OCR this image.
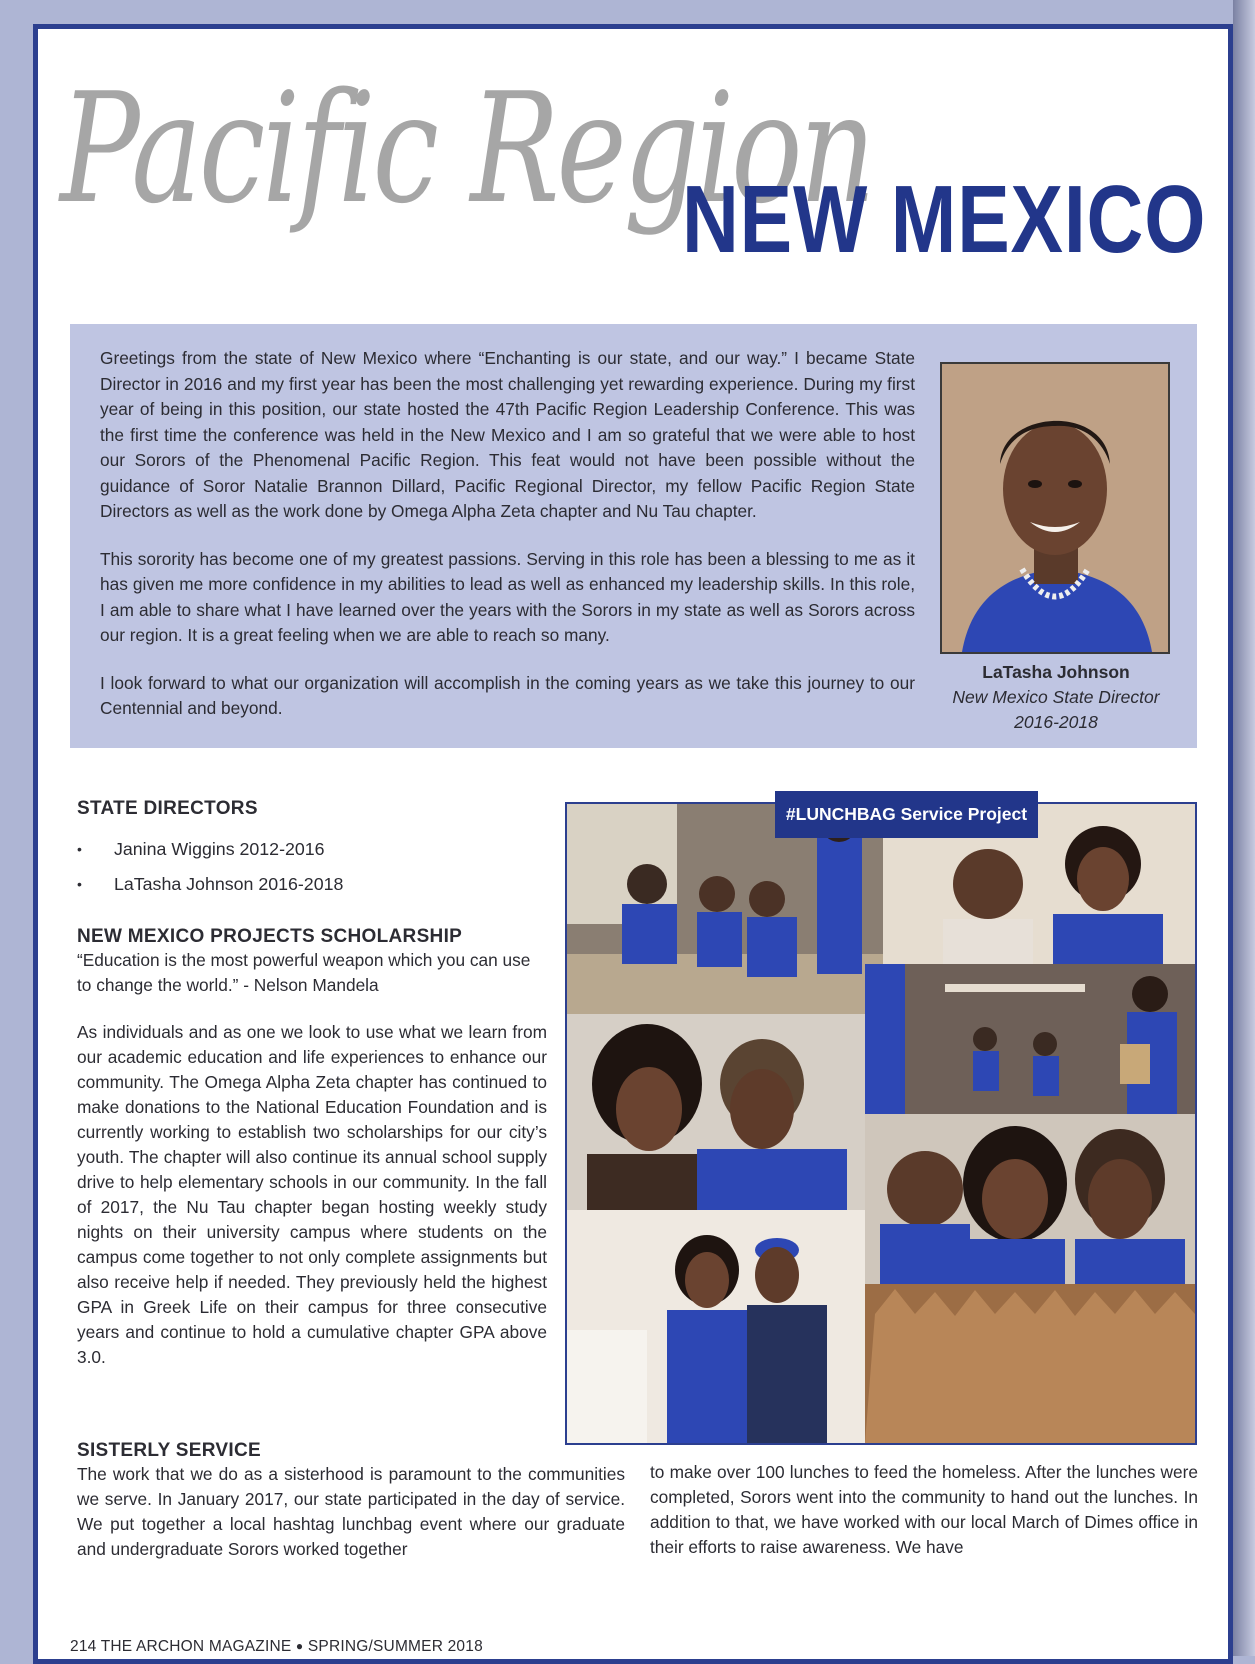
Pacific Region
NEW MEXICO

Greetings from the state of New Mexico where “Enchanting is our state, and our way.” I became State Director in 2016 and my first year has been the most challenging yet rewarding experience. During my first year of being in this position, our state hosted the 47th Pacific Region Leadership Conference. This was the first time the conference was held in the New Mexico and I am so grateful that we were able to host our Sorors of the Phenomenal Pacific Region. This feat would not have been possible without the guidance of Soror Natalie Brannon Dillard, Pacific Regional Director, my fellow Pacific Region State Directors as well as the work done by Omega Alpha Zeta chapter and Nu Tau chapter.

This sorority has become one of my greatest passions. Serving in this role has been a blessing to me as it has given me more confidence in my abilities to lead as well as enhanced my leadership skills. In this role, I am able to share what I have learned over the years with the Sorors in my state as well as Sorors across our region. It is a great feeling when we are able to reach so many.

I look forward to what our organization will accomplish in the coming years as we take this journey to our Centennial and beyond.

LaTasha Johnson
New Mexico State Director
2016-2018
STATE DIRECTORS
• Janina Wiggins 2012-2016
• LaTasha Johnson 2016-2018
NEW MEXICO PROJECTS SCHOLARSHIP

“Education is the most powerful weapon which you can use to change the world.” - Nelson Mandela

As individuals and as one we look to use what we learn from our academic education and life experiences to enhance our community. The Omega Alpha Zeta chapter has continued to make donations to the National Education Foundation and is currently working to establish two scholarships for our city’s youth. The chapter will also continue its annual school supply drive to help elementary schools in our community. In the fall of 2017, the Nu Tau chapter began hosting weekly study nights on their university campus where students on the campus come together to not only complete assignments but also receive help if needed. They previously held the highest GPA in Greek Life on their campus for three consecutive years and continue to hold a cumulative chapter GPA above 3.0.

#LUNCHBAG Service Project
SISTERLY SERVICE

The work that we do as a sisterhood is paramount to the communities we serve. In January 2017, our state participated in the day of service. We put together a local hashtag lunchbag event where our graduate and undergraduate Sorors worked together

to make over 100 lunches to feed the homeless. After the lunches were completed, Sorors went into the community to hand out the lunches. In addition to that, we have worked with our local March of Dimes office in their efforts to raise awareness. We have
214 THE ARCHON MAGAZINE ● SPRING/SUMMER 2018
